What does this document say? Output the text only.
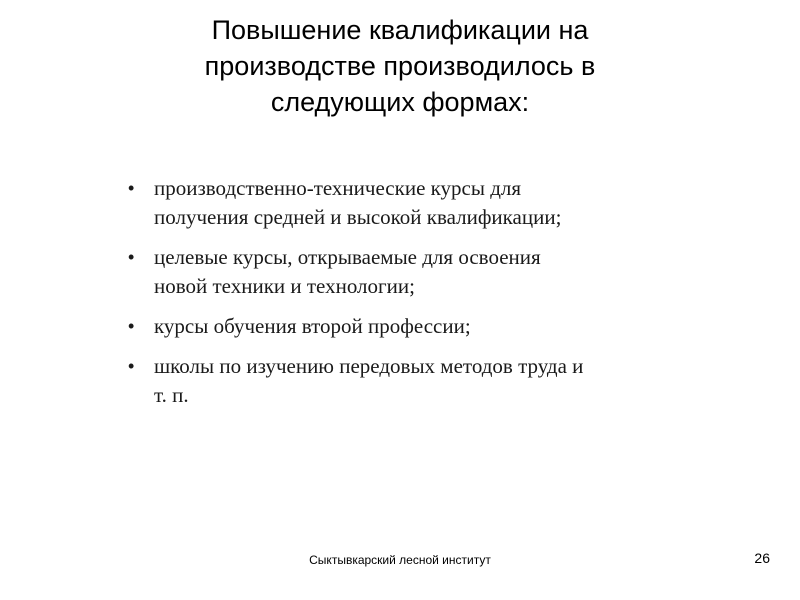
Повышение квалификации на
производстве производилось в
следующих формах:
• производственно-технические курсы для
получения средней и высокой квалификации;
• целевые курсы, открываемые для освоения
новой техники и технологии;
• курсы обучения второй профессии;
• школы по изучению передовых методов труда и
т. п.
Сыктывкарский лесной институт	26
